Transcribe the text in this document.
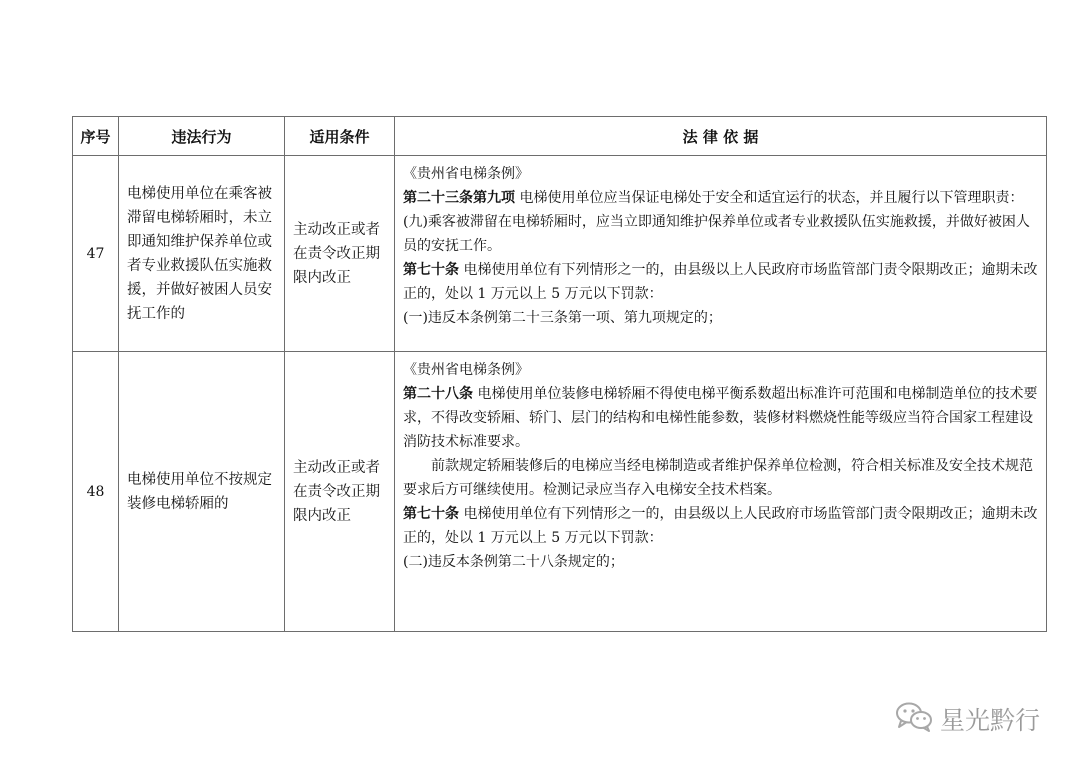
序号	违法行为	适用条件	法 律 依 据
47	电梯使用单位在乘客被滞留电梯轿厢时，未立即通知维护保养单位或者专业救援队伍实施救援，并做好被困人员安抚工作的	主动改正或者在责令改正期限内改正	《贵州省电梯条例》

第二十三条第九项 电梯使用单位应当保证电梯处于安全和适宜运行的状态，并且履行以下管理职责：(九)乘客被滞留在电梯轿厢时，应当立即通知维护保养单位或者专业救援队伍实施救援，并做好被困人员的安抚工作。

第七十条 电梯使用单位有下列情形之一的，由县级以上人民政府市场监管部门责令限期改正；逾期未改正的，处以 1 万元以上 5 万元以下罚款：

(一)违反本条例第二十三条第一项、第九项规定的；

48	电梯使用单位不按规定装修电梯轿厢的	主动改正或者在责令改正期限内改正	《贵州省电梯条例》

第二十八条 电梯使用单位装修电梯轿厢不得使电梯平衡系数超出标准许可范围和电梯制造单位的技术要求，不得改变轿厢、轿门、层门的结构和电梯性能参数，装修材料燃烧性能等级应当符合国家工程建设消防技术标准要求。

前款规定轿厢装修后的电梯应当经电梯制造或者维护保养单位检测，符合相关标准及安全技术规范要求后方可继续使用。检测记录应当存入电梯安全技术档案。

第七十条 电梯使用单位有下列情形之一的，由县级以上人民政府市场监管部门责令限期改正；逾期未改正的，处以 1 万元以上 5 万元以下罚款：

(二)违反本条例第二十八条规定的；

星光黔行
